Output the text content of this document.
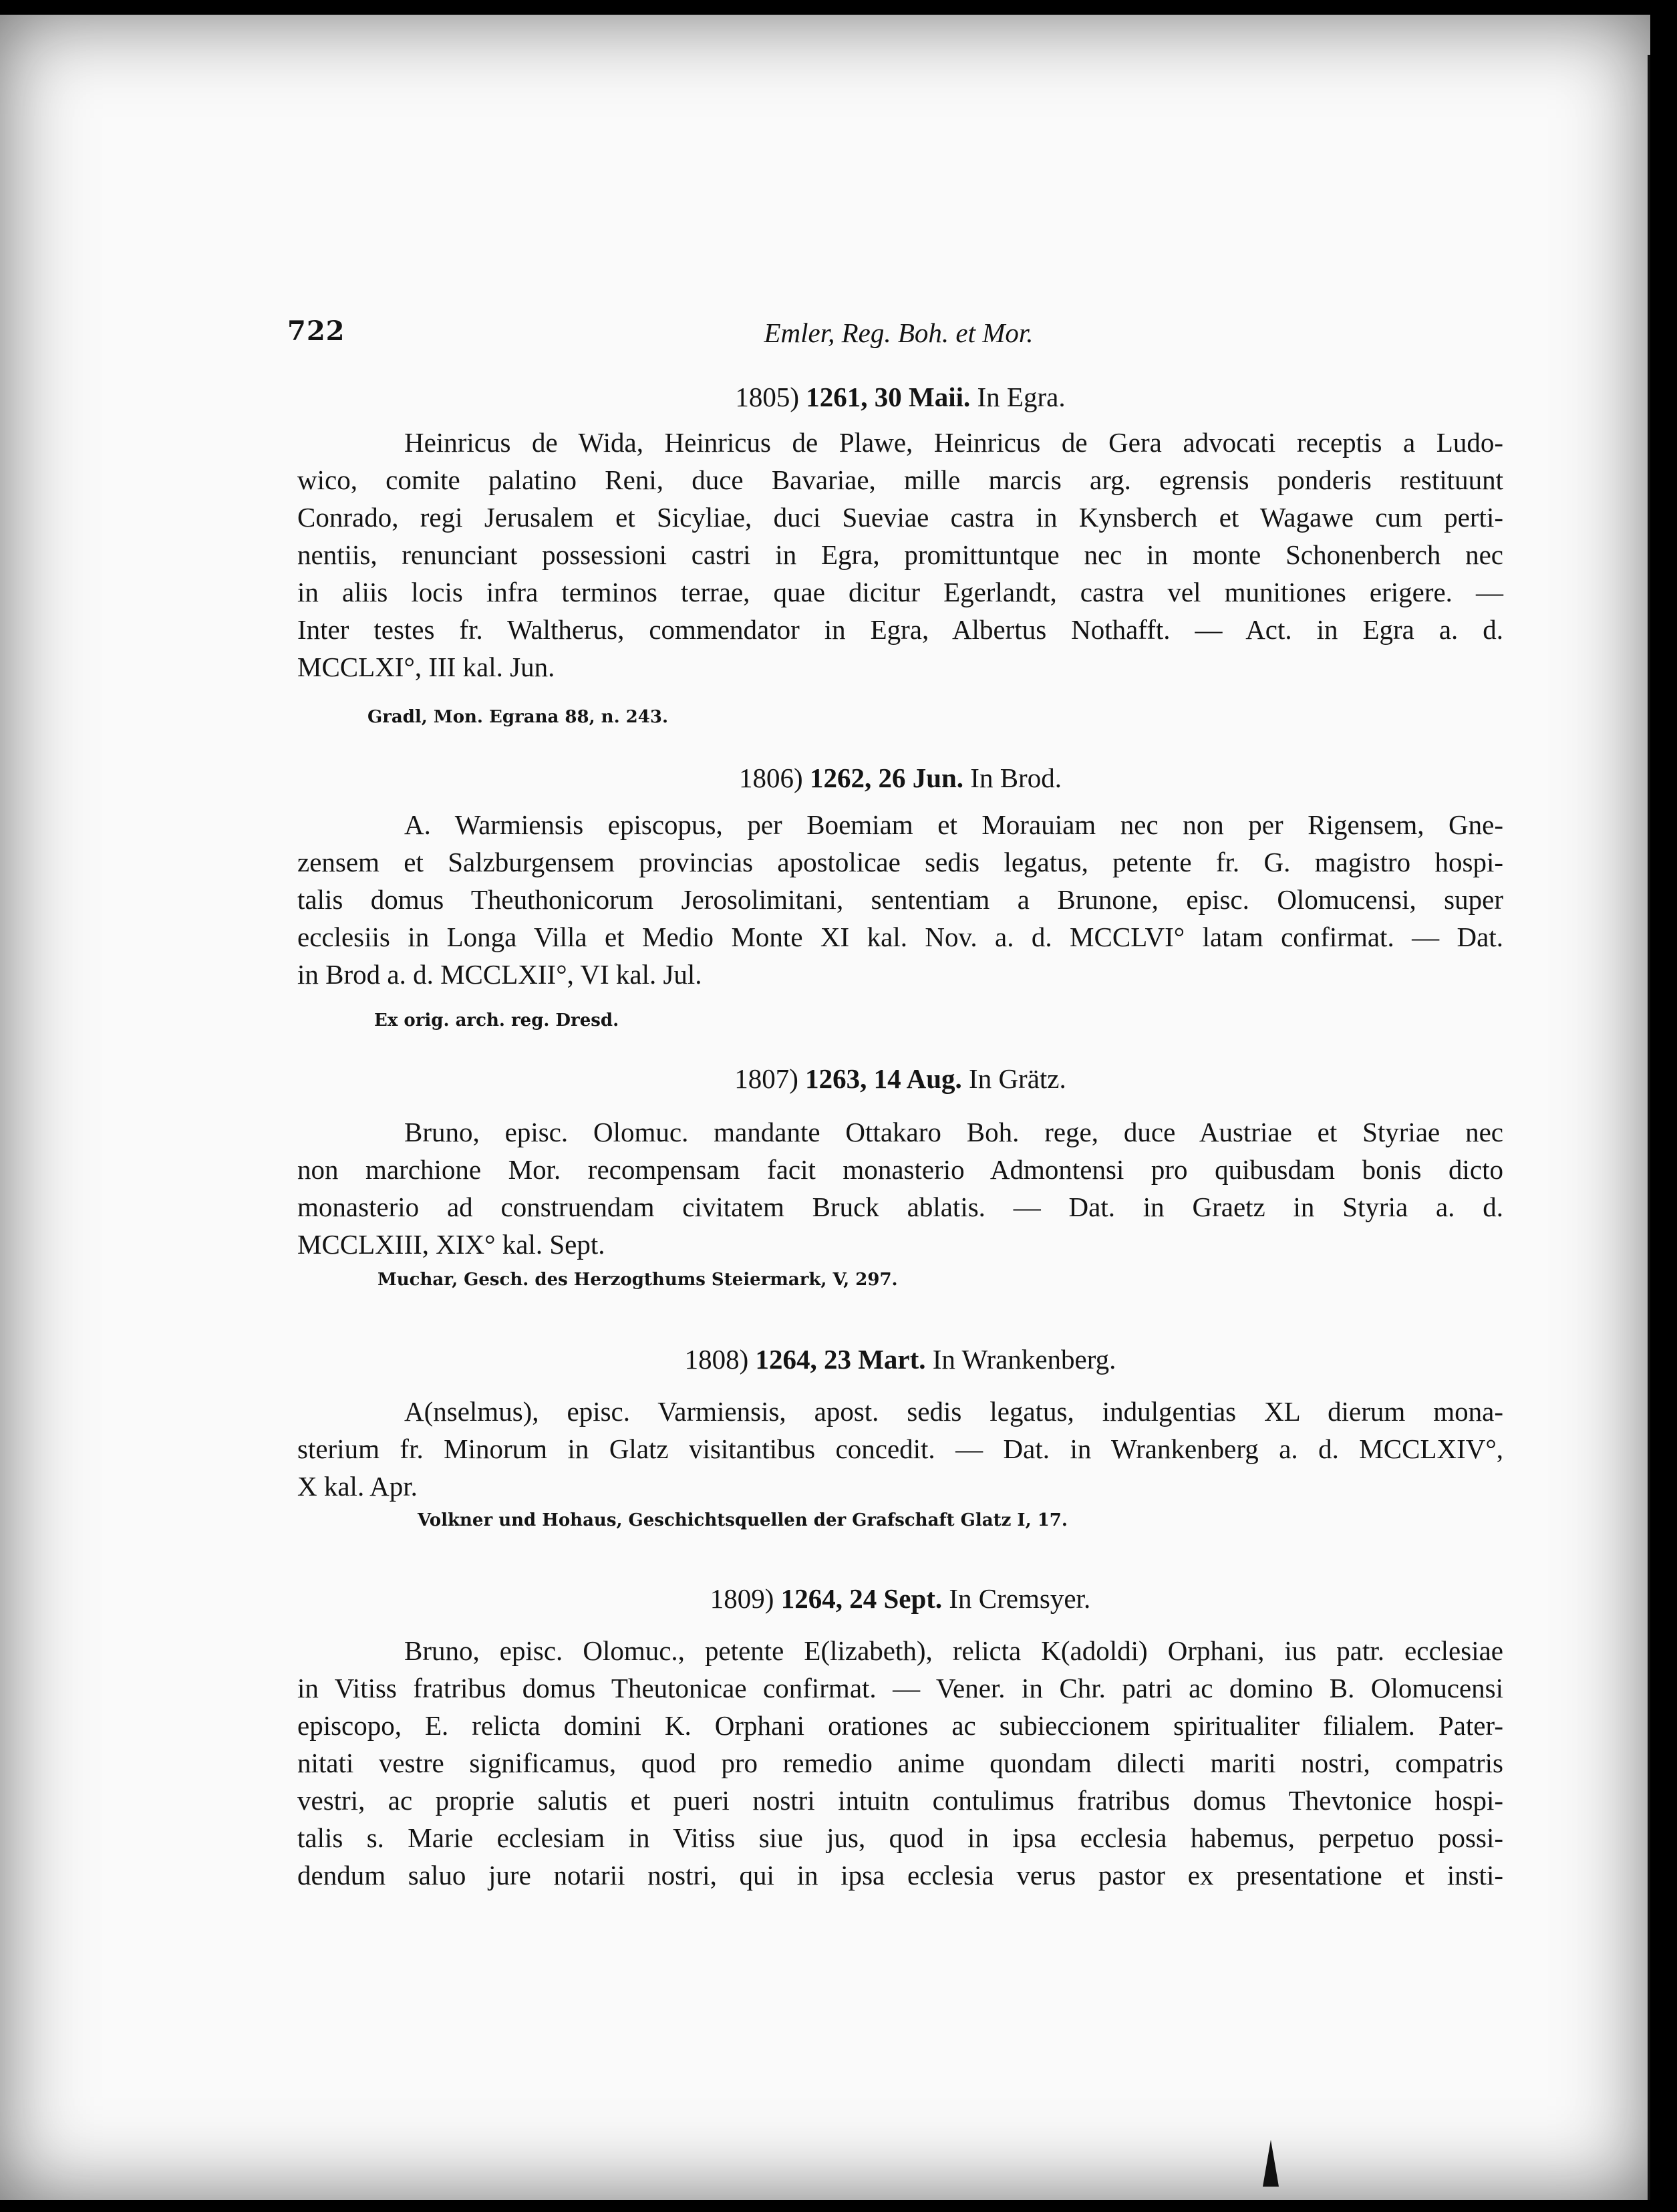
722	Emler, Reg. Boh. et Mor.
1805) 1261, 30 Maii. In Egra.
Heinricus de Wida, Heinricus de Plawe, Heinricus de Gera advocati receptis a Ludo-
wico, comite palatino Reni, duce Bavariae, mille marcis arg. egrensis ponderis restituunt
Conrado, regi Jerusalem et Sicyliae, duci Sueviae castra in Kynsberch et Wagawe cum perti-
nentiis, renunciant possessioni castri in Egra, promittuntque nec in monte Schonenberch nec
in aliis locis infra terminos terrae, quae dicitur Egerlandt, castra vel munitiones erigere. —
Inter testes fr. Waltherus, commendator in Egra, Albertus Nothafft. — Act. in Egra a. d.
MCCLXI°, III kal. Jun.
Gradl, Mon. Egrana 88, n. 243.
1806) 1262, 26 Jun. In Brod.
A. Warmiensis episcopus, per Boemiam et Morauiam nec non per Rigensem, Gne-
zensem et Salzburgensem provincias apostolicae sedis legatus, petente fr. G. magistro hospi-
talis domus Theuthonicorum Jerosolimitani, sententiam a Brunone, episc. Olomucensi, super
ecclesiis in Longa Villa et Medio Monte XI kal. Nov. a. d. MCCLVI° latam confirmat. — Dat.
in Brod a. d. MCCLXII°, VI kal. Jul.
Ex orig. arch. reg. Dresd.
1807) 1263, 14 Aug. In Grätz.
Bruno, episc. Olomuc. mandante Ottakaro Boh. rege, duce Austriae et Styriae nec
non marchione Mor. recompensam facit monasterio Admontensi pro quibusdam bonis dicto
monasterio ad construendam civitatem Bruck ablatis. — Dat. in Graetz in Styria a. d.
MCCLXIII, XIX° kal. Sept.
Muchar, Gesch. des Herzogthums Steiermark, V, 297.
1808) 1264, 23 Mart. In Wrankenberg.
A(nselmus), episc. Varmiensis, apost. sedis legatus, indulgentias XL dierum mona-
sterium fr. Minorum in Glatz visitantibus concedit. — Dat. in Wrankenberg a. d. MCCLXIV°,
X kal. Apr.
Volkner und Hohaus, Geschichtsquellen der Grafschaft Glatz I, 17.
1809) 1264, 24 Sept. In Cremsyer.
Bruno, episc. Olomuc., petente E(lizabeth), relicta K(adoldi) Orphani, ius patr. ecclesiae
in Vitiss fratribus domus Theutonicae confirmat. — Vener. in Chr. patri ac domino B. Olomucensi
episcopo, E. relicta domini K. Orphani orationes ac subieccionem spiritualiter filialem. Pater-
nitati vestre significamus, quod pro remedio anime quondam dilecti mariti nostri, compatris
vestri, ac proprie salutis et pueri nostri intuitn contulimus fratribus domus Thevtonice hospi-
talis s. Marie ecclesiam in Vitiss siue jus, quod in ipsa ecclesia habemus, perpetuo possi-
dendum saluo jure notarii nostri, qui in ipsa ecclesia verus pastor ex presentatione et insti-
